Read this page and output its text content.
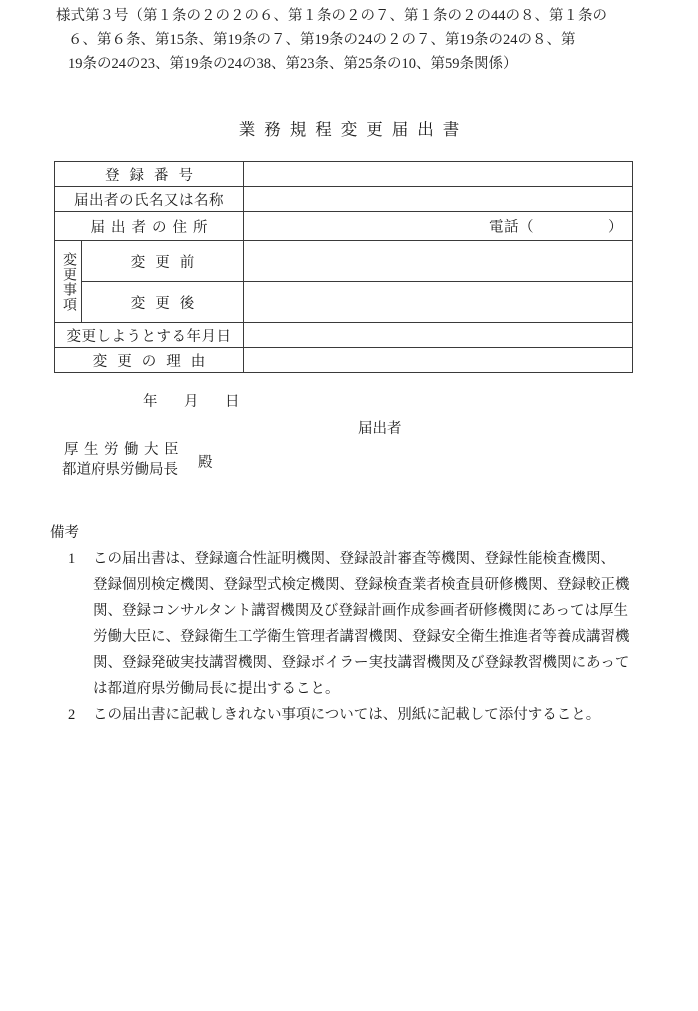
様式第３号（第１条の２の２の６、第１条の２の７、第１条の２の44の８、第１条の
６、第６条、第15条、第19条の７、第19条の24の２の７、第19条の24の８、第
19条の24の23、第19条の24の38、第23条、第25条の10、第59条関係）
業務規程変更届出書
登録番号		
届出者の氏名又は名称		
届出者の住所		電話（ ）

変更事項	変更前	
	変更後	
変更しようとする年月日		
変更の理由		
年 月 日
届出者
厚生労働大臣
都道府県労働局長	殿
備考
1 この届出書は、登録適合性証明機関、登録設計審査等機関、登録性能検査機関、
登録個別検定機関、登録型式検定機関、登録検査業者検査員研修機関、登録較正機
関、登録コンサルタント講習機関及び登録計画作成参画者研修機関にあっては厚生
労働大臣に、登録衛生工学衛生管理者講習機関、登録安全衛生推進者等養成講習機
関、登録発破実技講習機関、登録ボイラー実技講習機関及び登録教習機関にあって
は都道府県労働局長に提出すること。
2 この届出書に記載しきれない事項については、別紙に記載して添付すること。
